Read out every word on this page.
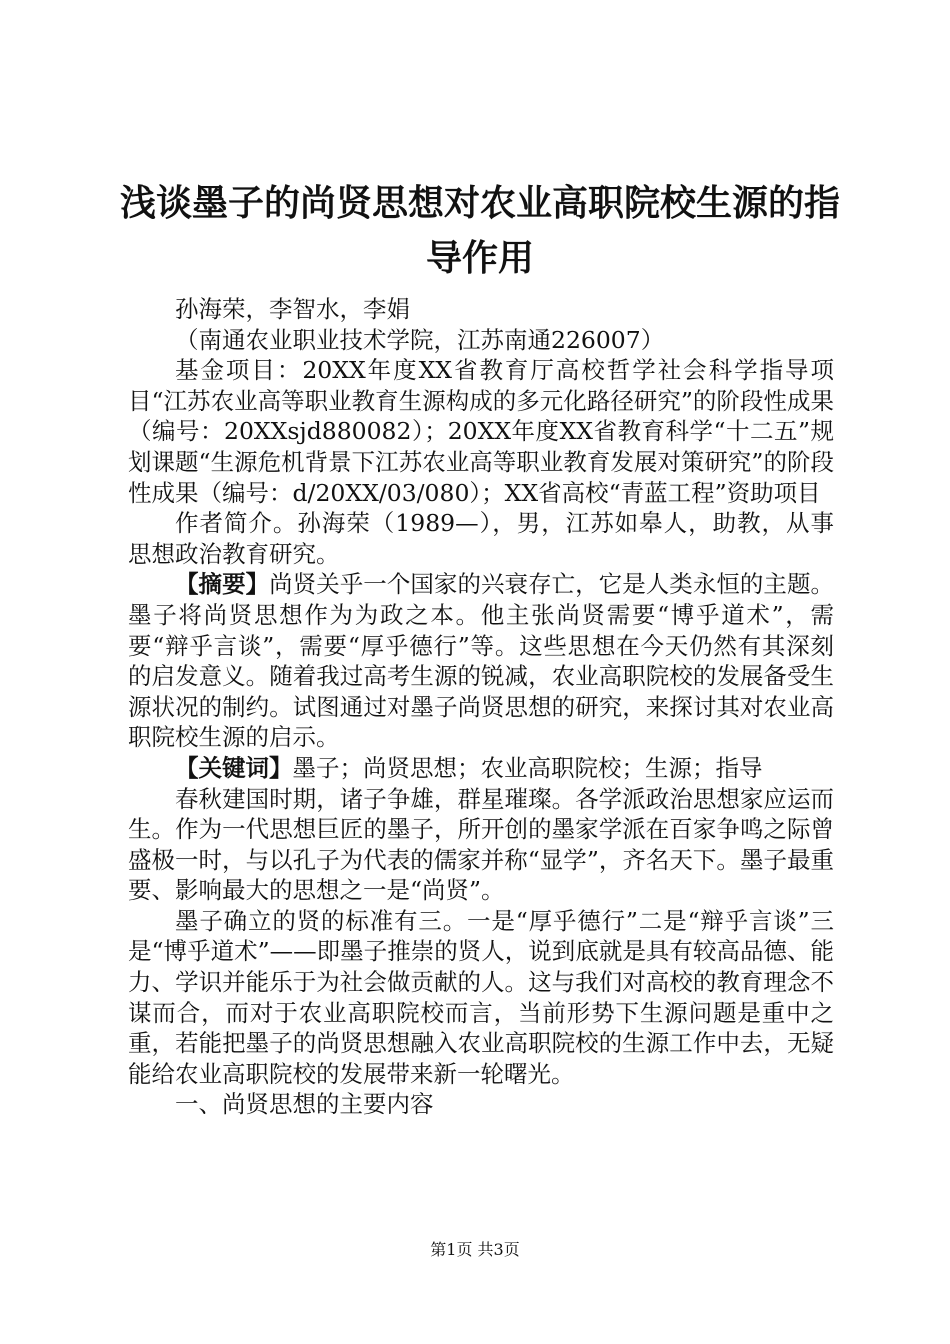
浅谈墨子的尚贤思想对农业高职院校生源的指导作用

孙海荣，李智水，李娟

（南通农业职业技术学院，江苏南通226007）

基金项目：20XX年度XX省教育厅高校哲学社会科学指导项目“江苏农业高等职业教育生源构成的多元化路径研究”的阶段性成果（编号：20XXsjd880082）；20XX年度XX省教育科学“十二五”规划课题“生源危机背景下江苏农业高等职业教育发展对策研究”的阶段性成果（编号：d/20XX/03/080）；XX省高校“青蓝工程”资助项目

作者简介。孙海荣（1989—），男，江苏如皋人，助教，从事思想政治教育研究。

【摘要】尚贤关乎一个国家的兴衰存亡，它是人类永恒的主题。墨子将尚贤思想作为为政之本。他主张尚贤需要“博乎道术”，需要“辩乎言谈”，需要“厚乎德行”等。这些思想在今天仍然有其深刻的启发意义。随着我过高考生源的锐减，农业高职院校的发展备受生源状况的制约。试图通过对墨子尚贤思想的研究，来探讨其对农业高职院校生源的启示。

【关键词】墨子；尚贤思想；农业高职院校；生源；指导

春秋建国时期，诸子争雄，群星璀璨。各学派政治思想家应运而生。作为一代思想巨匠的墨子，所开创的墨家学派在百家争鸣之际曾盛极一时，与以孔子为代表的儒家并称“显学”，齐名天下。墨子最重要、影响最大的思想之一是“尚贤”。

墨子确立的贤的标准有三。一是“厚乎德行”二是“辩乎言谈”三是“博乎道术”——即墨子推崇的贤人，说到底就是具有较高品德、能力、学识并能乐于为社会做贡献的人。这与我们对高校的教育理念不谋而合，而对于农业高职院校而言，当前形势下生源问题是重中之重，若能把墨子的尚贤思想融入农业高职院校的生源工作中去，无疑能给农业高职院校的发展带来新一轮曙光。

一、尚贤思想的主要内容

第1页 共3页
